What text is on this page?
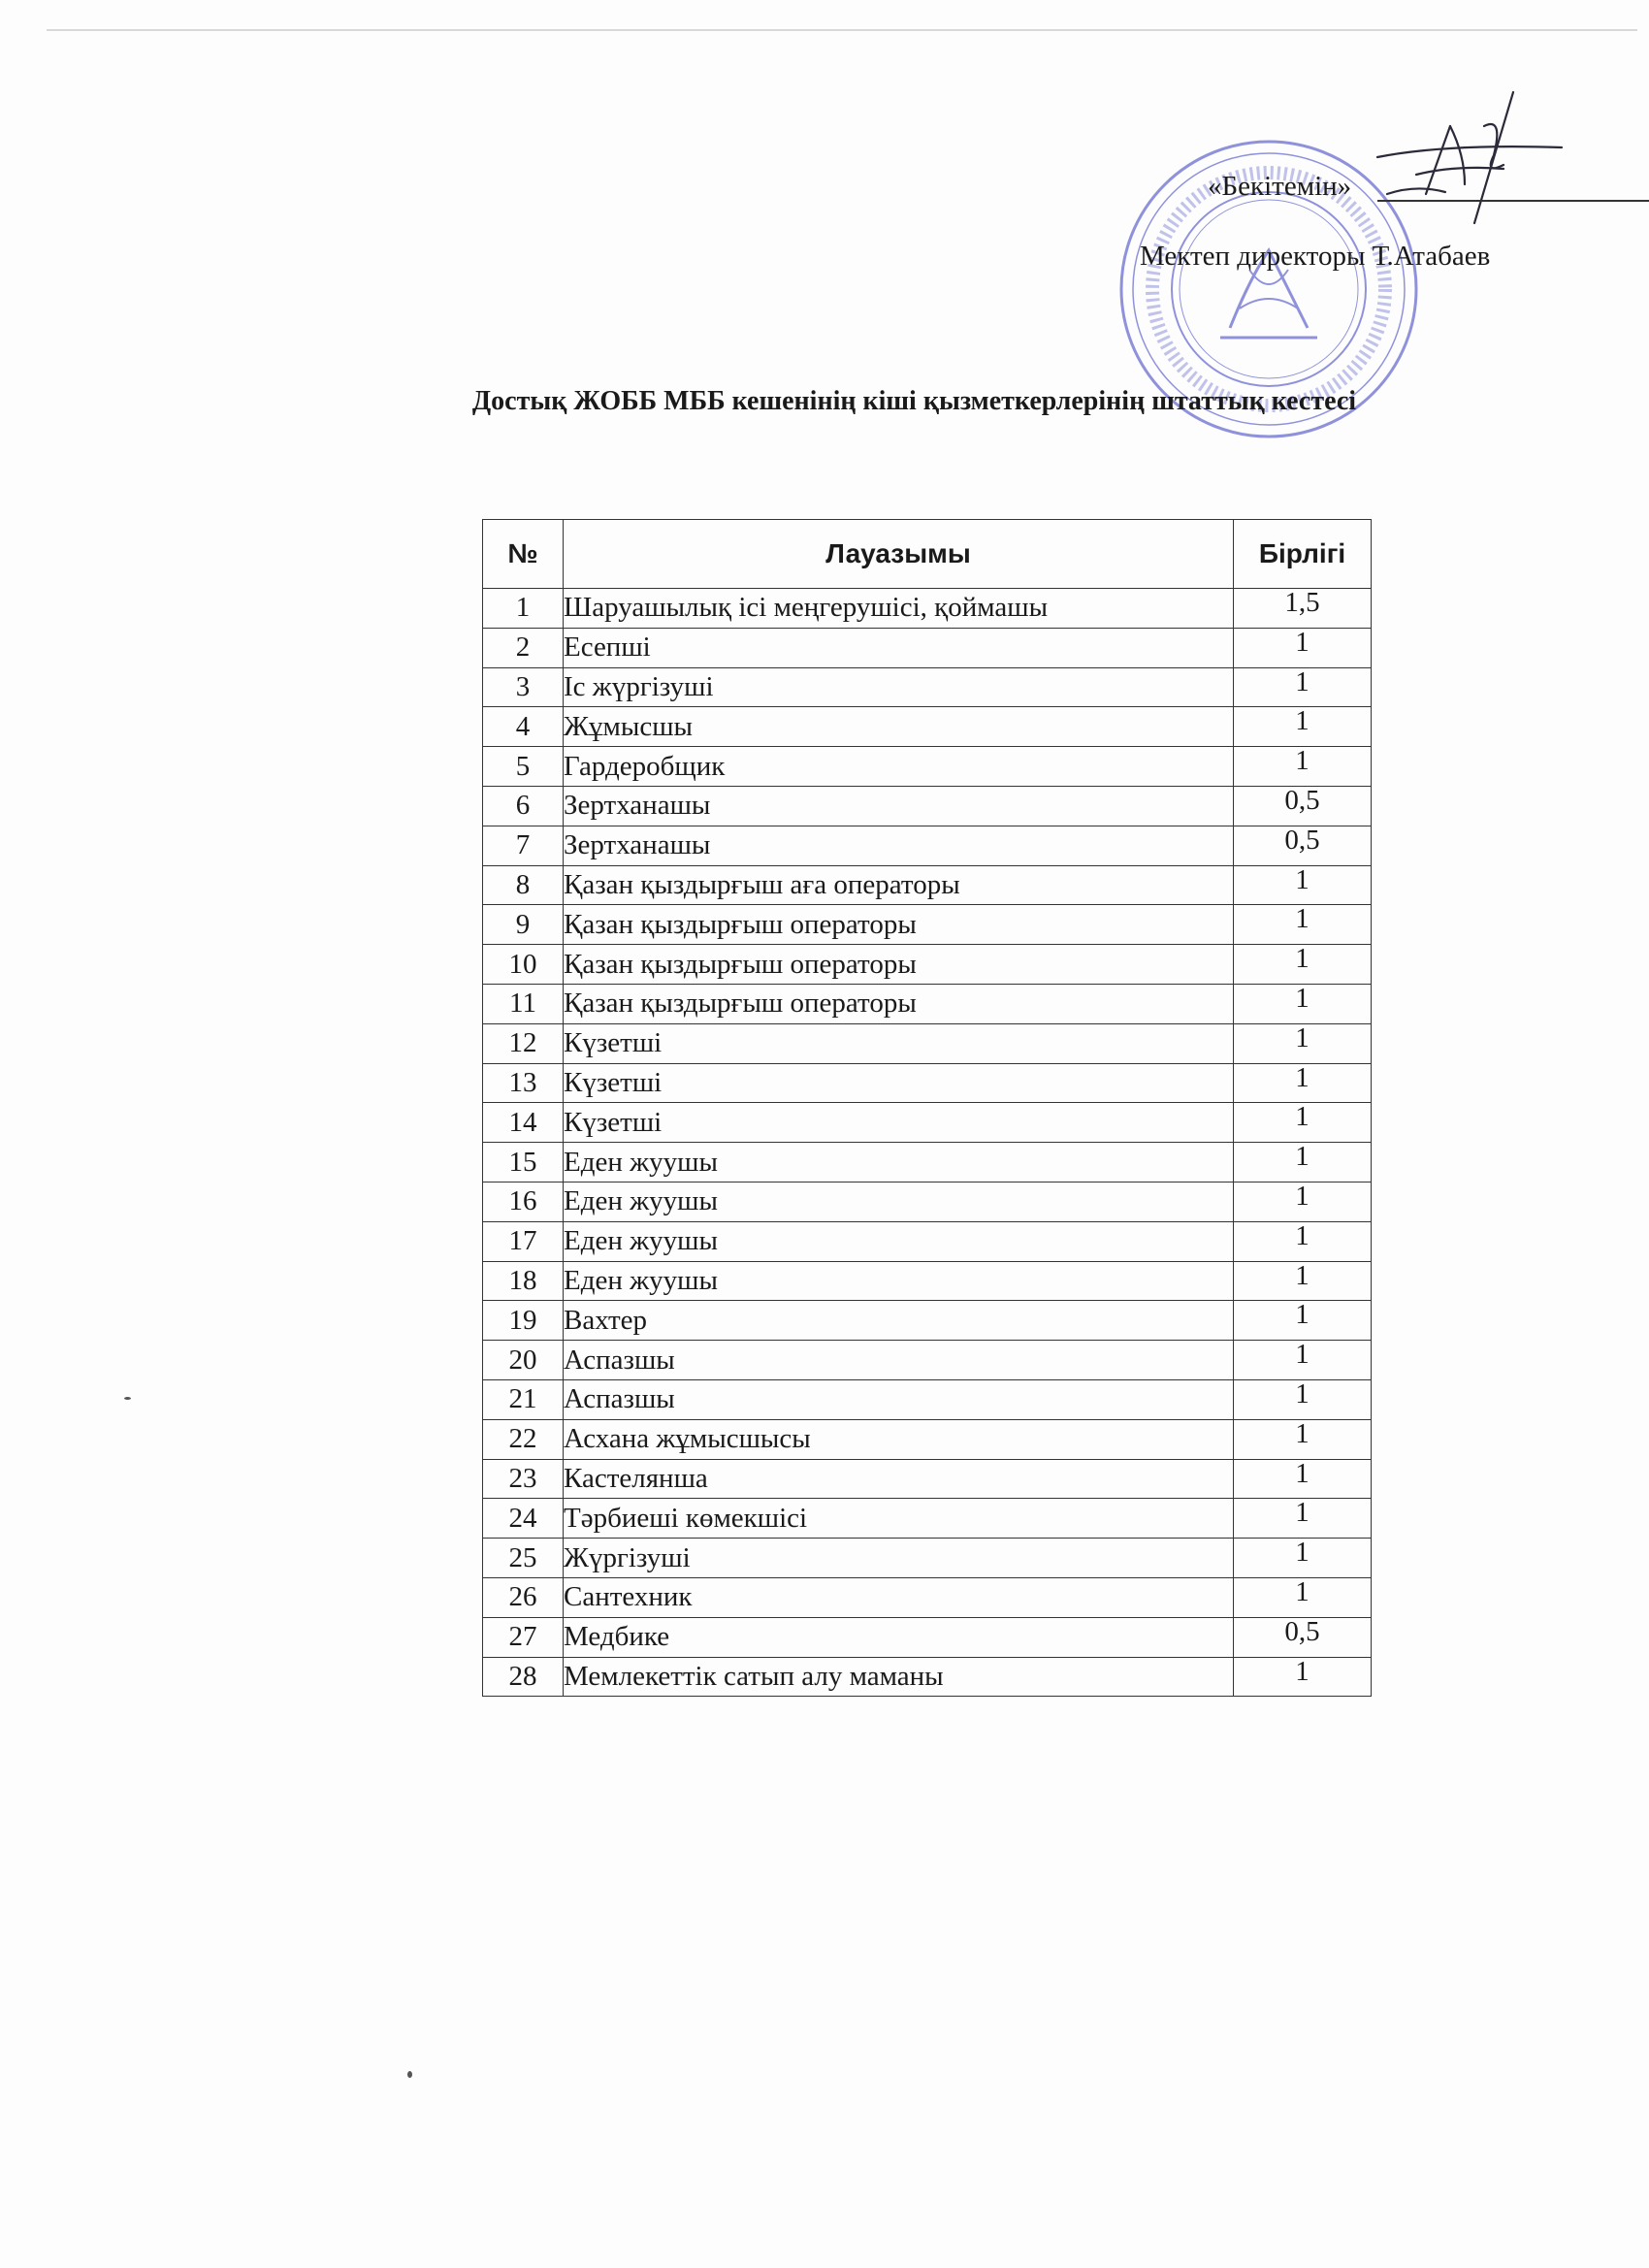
«Бекітемін»
Мектеп директоры Т.Атабаев
Достық ЖОББ МББ кешенінің кіші қызметкерлерінің штаттық кестесі
№	Лауазымы	Бірлігі
1	Шаруашылық ісі меңгерушісі, қоймашы	1,5
2	Есепші	1
3	Іс жүргізуші	1
4	Жұмысшы	1
5	Гардеробщик	1
6	Зертханашы	0,5
7	Зертханашы	0,5
8	Қазан қыздырғыш аға операторы	1
9	Қазан қыздырғыш операторы	1
10	Қазан қыздырғыш операторы	1
11	Қазан қыздырғыш операторы	1
12	Күзетші	1
13	Күзетші	1
14	Күзетші	1
15	Еден жуушы	1
16	Еден жуушы	1
17	Еден жуушы	1
18	Еден жуушы	1
19	Вахтер	1
20	Аспазшы	1
21	Аспазшы	1
22	Асхана жұмысшысы	1
23	Кастелянша	1
24	Тәрбиеші көмекшісі	1
25	Жүргізуші	1
26	Сантехник	1
27	Медбике	0,5
28	Мемлекеттік сатып алу маманы	1
